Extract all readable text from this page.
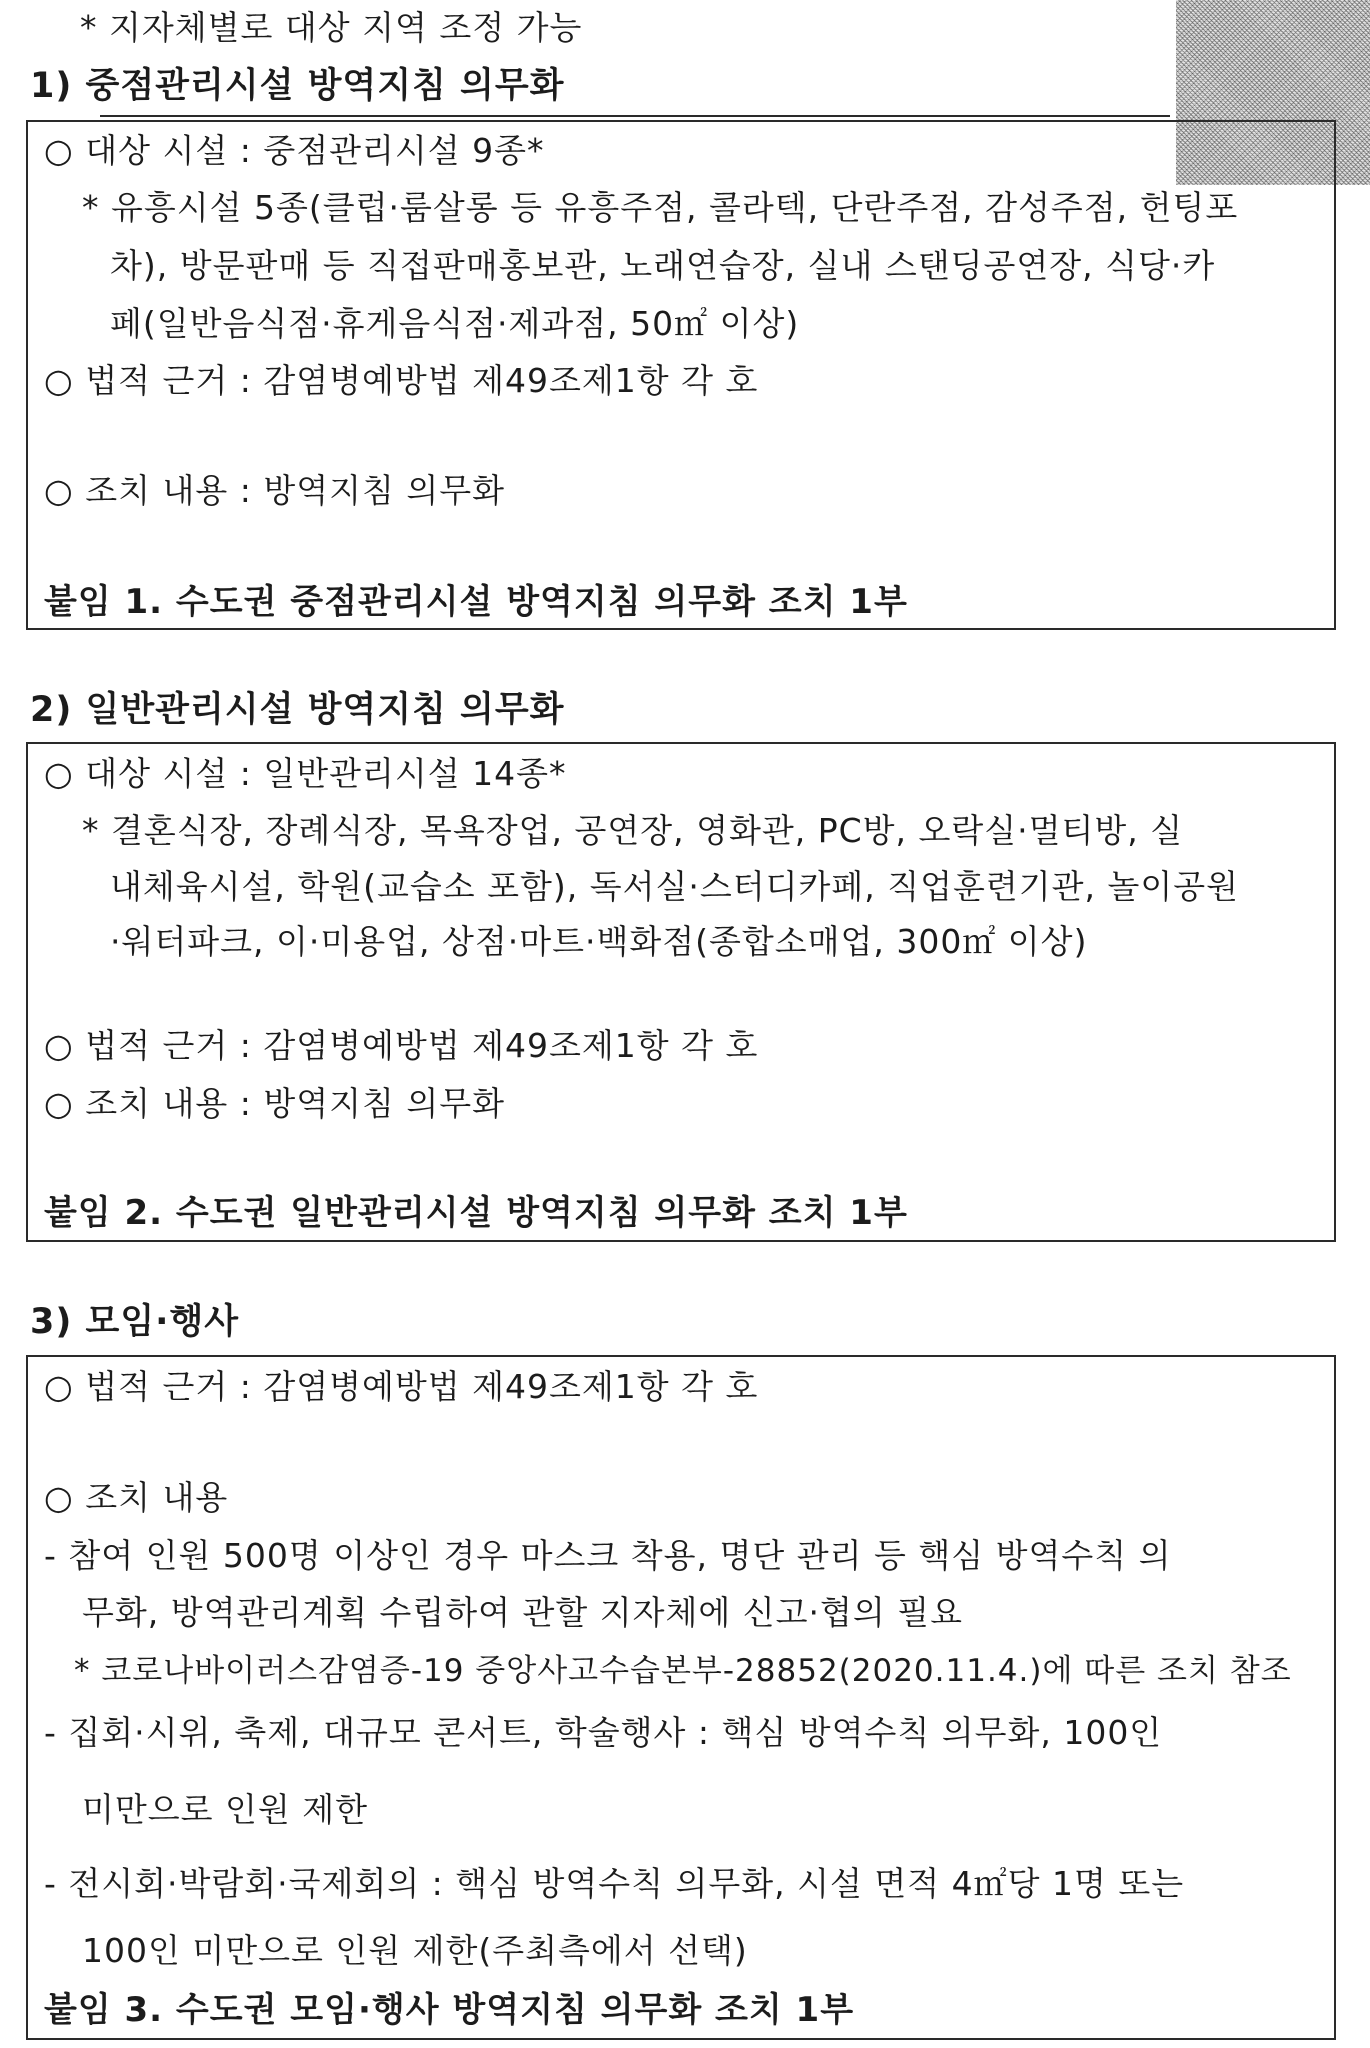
* 지자체별로 대상 지역 조정 가능
1) 중점관리시설 방역지침 의무화
○ 대상 시설 : 중점관리시설 9종*
* 유흥시설 5종(클럽·룸살롱 등 유흥주점, 콜라텍, 단란주점, 감성주점, 헌팅포
차), 방문판매 등 직접판매홍보관, 노래연습장, 실내 스탠딩공연장, 식당·카
페(일반음식점·휴게음식점·제과점, 50㎡ 이상)
○ 법적 근거 : 감염병예방법 제49조제1항 각 호
○ 조치 내용 : 방역지침 의무화
붙임 1. 수도권 중점관리시설 방역지침 의무화 조치 1부
2) 일반관리시설 방역지침 의무화
○ 대상 시설 : 일반관리시설 14종*
* 결혼식장, 장례식장, 목욕장업, 공연장, 영화관, PC방, 오락실·멀티방, 실
내체육시설, 학원(교습소 포함), 독서실·스터디카페, 직업훈련기관, 놀이공원
·워터파크, 이·미용업, 상점·마트·백화점(종합소매업, 300㎡ 이상)
○ 법적 근거 : 감염병예방법 제49조제1항 각 호
○ 조치 내용 : 방역지침 의무화
붙임 2. 수도권 일반관리시설 방역지침 의무화 조치 1부
3) 모임·행사
○ 법적 근거 : 감염병예방법 제49조제1항 각 호
○ 조치 내용
- 참여 인원 500명 이상인 경우 마스크 착용, 명단 관리 등 핵심 방역수칙 의
무화, 방역관리계획 수립하여 관할 지자체에 신고·협의 필요
* 코로나바이러스감염증-19 중앙사고수습본부-28852(2020.11.4.)에 따른 조치 참조
- 집회·시위, 축제, 대규모 콘서트, 학술행사 : 핵심 방역수칙 의무화, 100인
미만으로 인원 제한
- 전시회·박람회·국제회의 : 핵심 방역수칙 의무화, 시설 면적 4㎡당 1명 또는
100인 미만으로 인원 제한(주최측에서 선택)
붙임 3. 수도권 모임·행사 방역지침 의무화 조치 1부
